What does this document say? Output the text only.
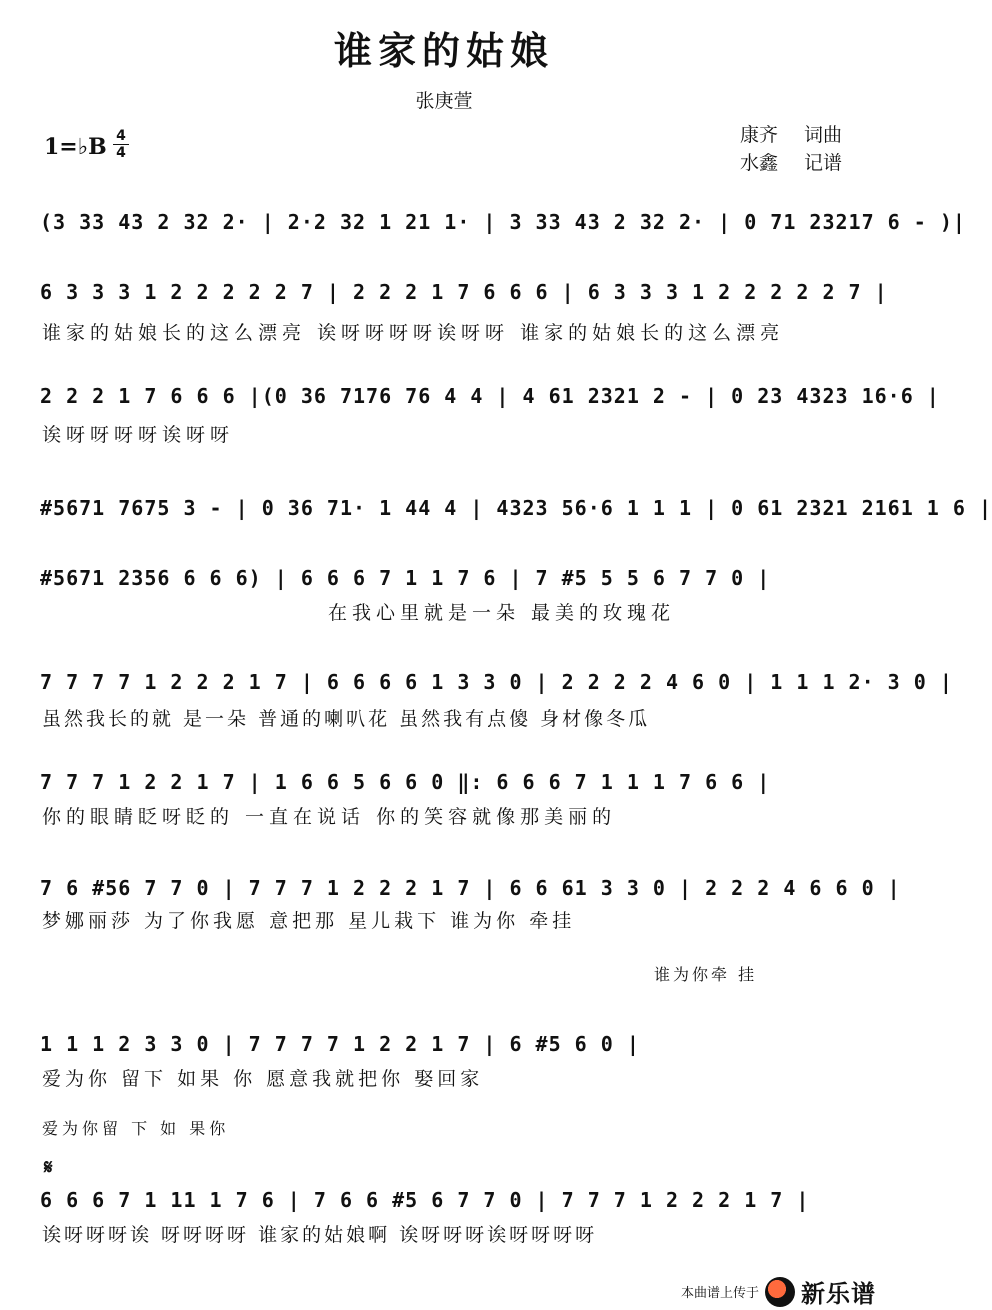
谁家的姑娘
张庚萱
1=♭B 4
4
康齐 词曲
水鑫 记谱
(3 33 43 2 32 2· | 2·2 32 1 21 1· | 3 33 43 2 32 2· | 0 71 23217 6 - )|
6 3 3 3 1 2 2 2 2 2 7 | 2 2 2 1 7 6 6 6 | 6 3 3 3 1 2 2 2 2 2 7 |
谁家的姑娘长的这么漂亮 诶呀呀呀呀诶呀呀 谁家的姑娘长的这么漂亮
2 2 2 1 7 6 6 6 |(0 36 7176 76 4 4 | 4 61 2321 2 - | 0 23 4323 16·6 |
诶呀呀呀呀诶呀呀
#5671 7675 3 - | 0 36 71· 1 44 4 | 4323 56·6 1 1 1 | 0 61 2321 2161 1 6 |
#5671 2356 6 6 6) | 6 6 6 7 1 1 7 6 | 7 #5 5 5 6 7 7 0 |
在我心里就是一朵 最美的玫瑰花
7 7 7 7 1 2 2 2 1 7 | 6 6 6 6 1 3 3 0 | 2 2 2 2 4 6 0 | 1 1 1 2· 3 0 |
虽然我长的就 是一朵 普通的喇叭花 虽然我有点傻 身材像冬瓜
7 7 7 1 2 2 1 7 | 1 6 6 5 6 6 0 ‖: 6 6 6 7 1 1 1 7 6 6 |
你的眼睛眨呀眨的 一直在说话 你的笑容就像那美丽的
7 6 #56 7 7 0 | 7 7 7 1 2 2 2 1 7 | 6 6 61 3 3 0 | 2 2 2 4 6 6 0 |
梦娜丽莎 为了你我愿 意把那 星儿栽下 谁为你 牵挂
谁为你牵 挂
1 1 1 2 3 3 0 | 7 7 7 7 1 2 2 1 7 | 6 #5 6 0 |
爱为你 留下 如果 你 愿意我就把你 娶回家
爱为你留 下 如 果你
𝄋
6 6 6 7 1 11 1 7 6 | 7 6 6 #5 6 7 7 0 | 7 7 7 1 2 2 2 1 7 |
诶呀呀呀诶 呀呀呀呀 谁家的姑娘啊 诶呀呀呀诶呀呀呀呀
本曲谱上传于 新乐谱
